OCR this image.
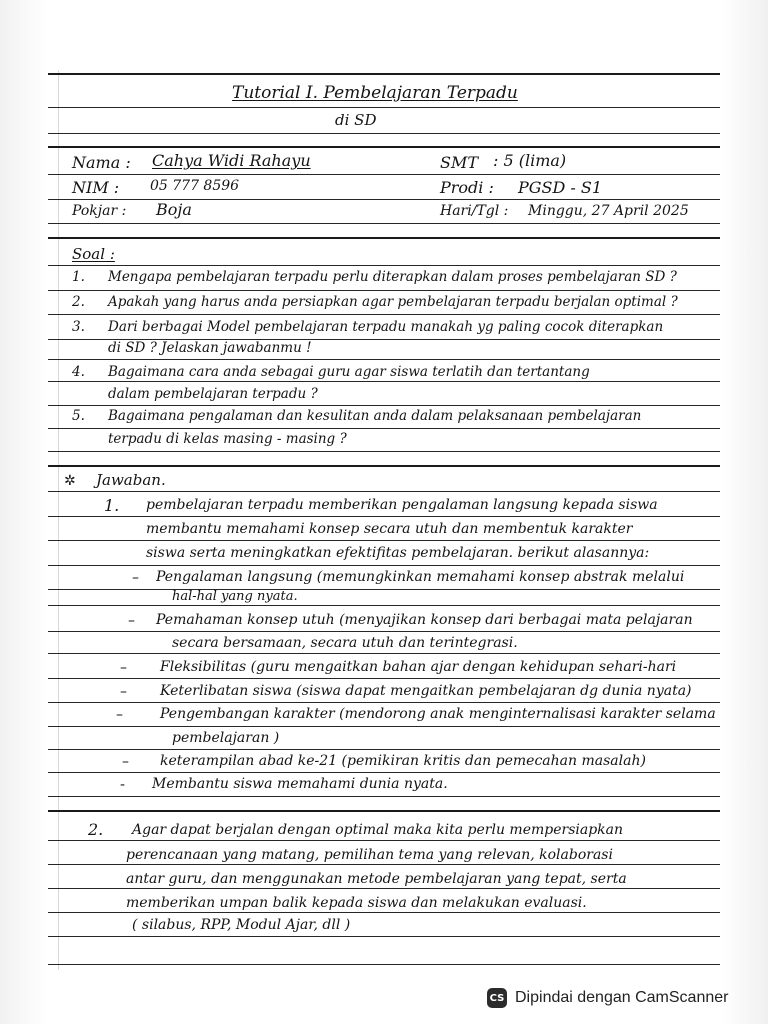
Tutorial I. Pembelajaran Terpadu
di SD
Nama : Cahya Widi Rahayu	SMT : 5 (lima)
NIM : 05 777 8596	Prodi : PGSD - S1
Pokjar : Boja	Hari/Tgl : Minggu, 27 April 2025
Soal :
1. Mengapa pembelajaran terpadu perlu diterapkan dalam proses pembelajaran SD ?
2. Apakah yang harus anda persiapkan agar pembelajaran terpadu berjalan optimal ?
3. Dari berbagai Model pembelajaran terpadu manakah yg paling cocok diterapkan
di SD ? Jelaskan jawabanmu !
4. Bagaimana cara anda sebagai guru agar siswa terlatih dan tertantang
dalam pembelajaran terpadu ?
5. Bagaimana pengalaman dan kesulitan anda dalam pelaksanaan pembelajaran
terpadu di kelas masing - masing ?
✲ Jawaban.
1. pembelajaran terpadu memberikan pengalaman langsung kepada siswa
membantu memahami konsep secara utuh dan membentuk karakter
siswa serta meningkatkan efektifitas pembelajaran. berikut alasannya:
– Pengalaman langsung (memungkinkan memahami konsep abstrak melalui
hal-hal yang nyata.
– Pemahaman konsep utuh (menyajikan konsep dari berbagai mata pelajaran
secara bersamaan, secara utuh dan terintegrasi.
– Fleksibilitas (guru mengaitkan bahan ajar dengan kehidupan sehari-hari
– Keterlibatan siswa (siswa dapat mengaitkan pembelajaran dg dunia nyata)
–	Pengembangan karakter (mendorong anak menginternalisasi karakter selama
pembelajaran )
– keterampilan abad ke-21 (pemikiran kritis dan pemecahan masalah)
- Membantu siswa memahami dunia nyata.
2. Agar dapat berjalan dengan optimal maka kita perlu mempersiapkan
perencanaan yang matang, pemilihan tema yang relevan, kolaborasi
antar guru, dan menggunakan metode pembelajaran yang tepat, serta
memberikan umpan balik kepada siswa dan melakukan evaluasi.
( silabus, RPP, Modul Ajar, dll )
CS Dipindai dengan CamScanner
